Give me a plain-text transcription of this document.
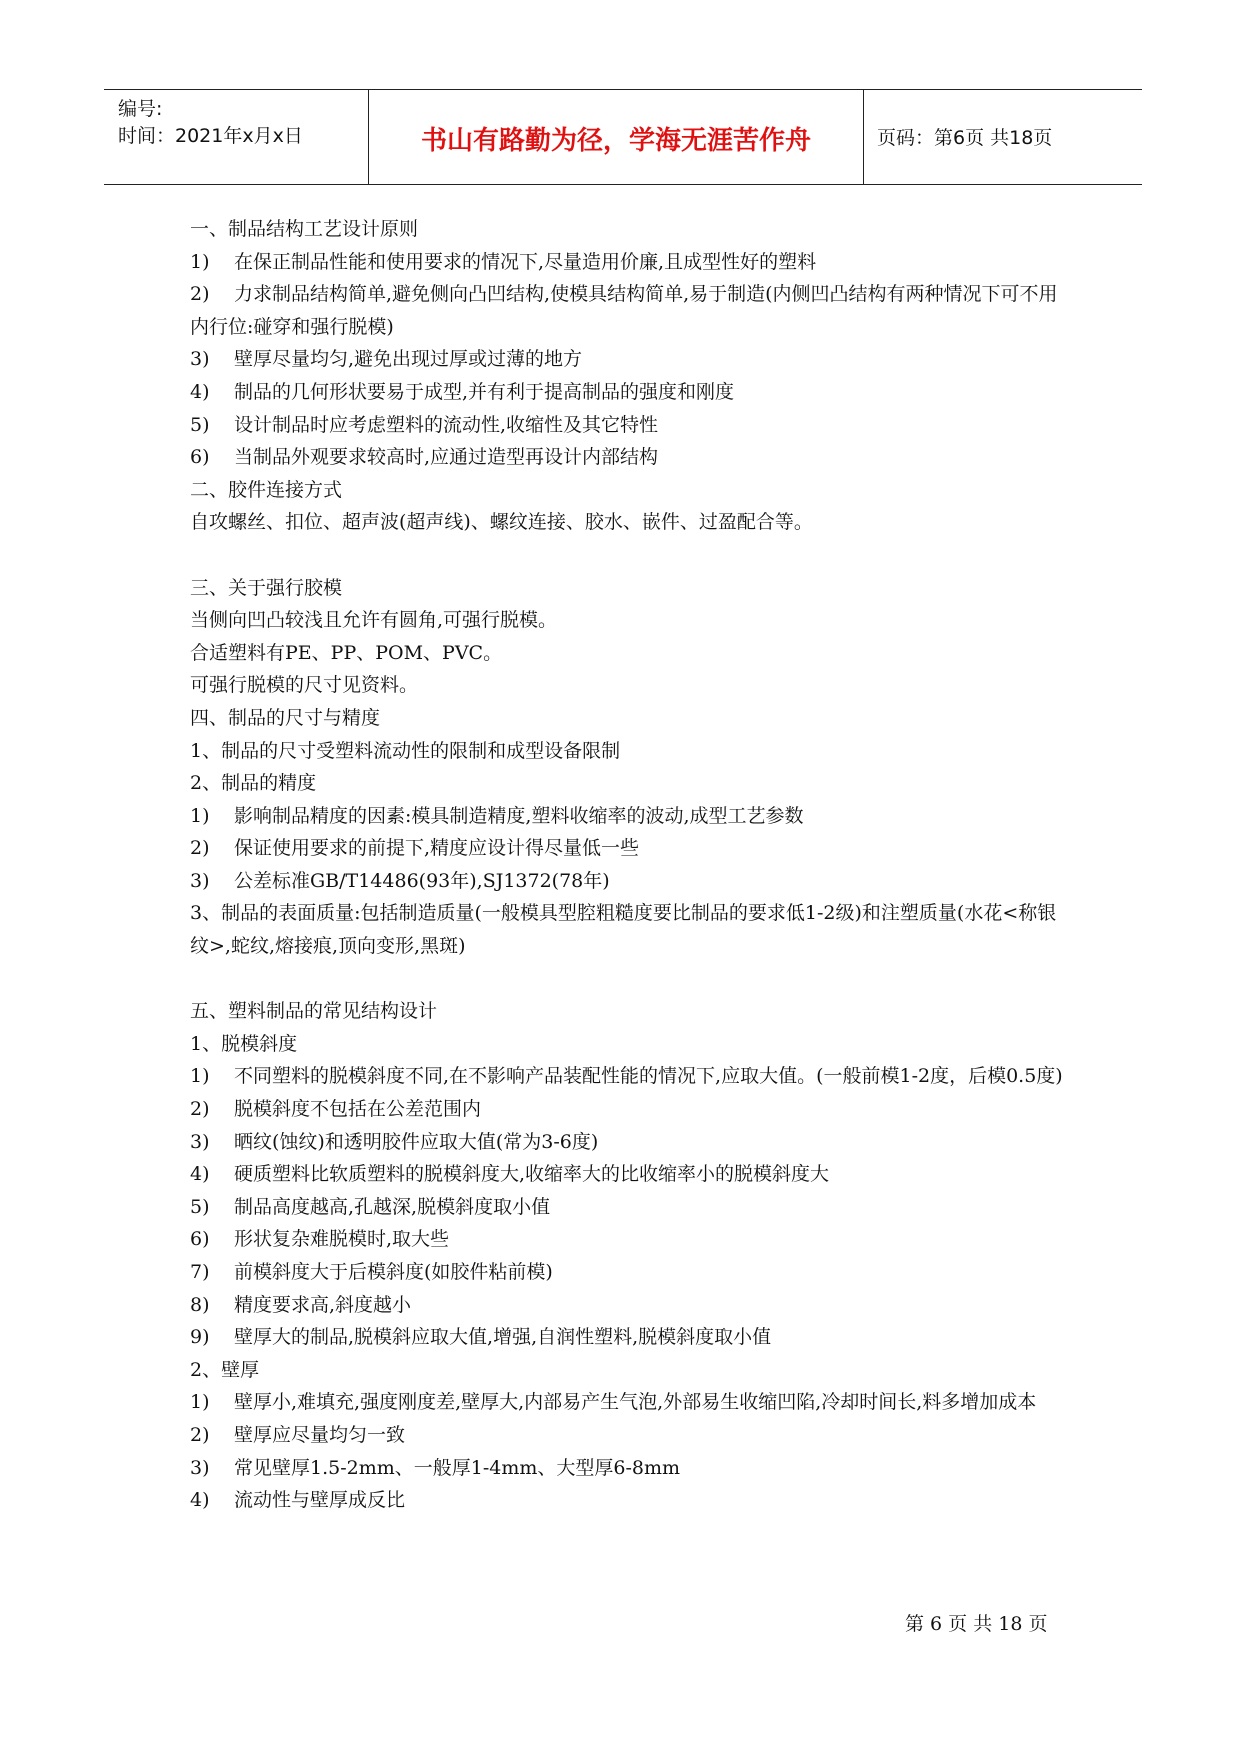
编号:
时间：2021年x月x日	书山有路勤为径，学海无涯苦作舟	页码：第6页 共18页
一、制品结构工艺设计原则
1) 在保正制品性能和使用要求的情况下,尽量造用价廉,且成型性好的塑料
2) 力求制品结构简单,避免侧向凸凹结构,使模具结构简单,易于制造(内侧凹凸结构有两种情况下可不用内行位:碰穿和强行脱模)
3) 壁厚尽量均匀,避免出现过厚或过薄的地方
4) 制品的几何形状要易于成型,并有利于提高制品的强度和刚度
5) 设计制品时应考虑塑料的流动性,收缩性及其它特性
6) 当制品外观要求较高时,应通过造型再设计内部结构
二、胶件连接方式
自攻螺丝、扣位、超声波(超声线)、螺纹连接、胶水、嵌件、过盈配合等。
三、关于强行胶模
当侧向凹凸较浅且允许有圆角,可强行脱模。
合适塑料有PE、PP、POM、PVC。
可强行脱模的尺寸见资料。
四、制品的尺寸与精度
1、制品的尺寸受塑料流动性的限制和成型设备限制
2、制品的精度
1) 影响制品精度的因素:模具制造精度,塑料收缩率的波动,成型工艺参数
2) 保证使用要求的前提下,精度应设计得尽量低一些
3) 公差标准GB/T14486(93年),SJ1372(78年)
3、制品的表面质量:包括制造质量(一般模具型腔粗糙度要比制品的要求低1-2级)和注塑质量(水花<称银纹>,蛇纹,熔接痕,顶向变形,黑斑)
五、塑料制品的常见结构设计
1、脱模斜度
1) 不同塑料的脱模斜度不同,在不影响产品装配性能的情况下,应取大值。(一般前模1-2度，后模0.5度)
2) 脱模斜度不包括在公差范围内
3) 晒纹(蚀纹)和透明胶件应取大值(常为3-6度)
4) 硬质塑料比软质塑料的脱模斜度大,收缩率大的比收缩率小的脱模斜度大
5) 制品高度越高,孔越深,脱模斜度取小值
6) 形状复杂难脱模时,取大些
7) 前模斜度大于后模斜度(如胶件粘前模)
8) 精度要求高,斜度越小
9) 壁厚大的制品,脱模斜应取大值,增强,自润性塑料,脱模斜度取小值
2、壁厚
1) 壁厚小,难填充,强度刚度差,壁厚大,内部易产生气泡,外部易生收缩凹陷,冷却时间长,料多增加成本
2) 壁厚应尽量均匀一致
3) 常见壁厚1.5-2mm、一般厚1-4mm、大型厚6-8mm
4) 流动性与壁厚成反比
第 6 页 共 18 页
